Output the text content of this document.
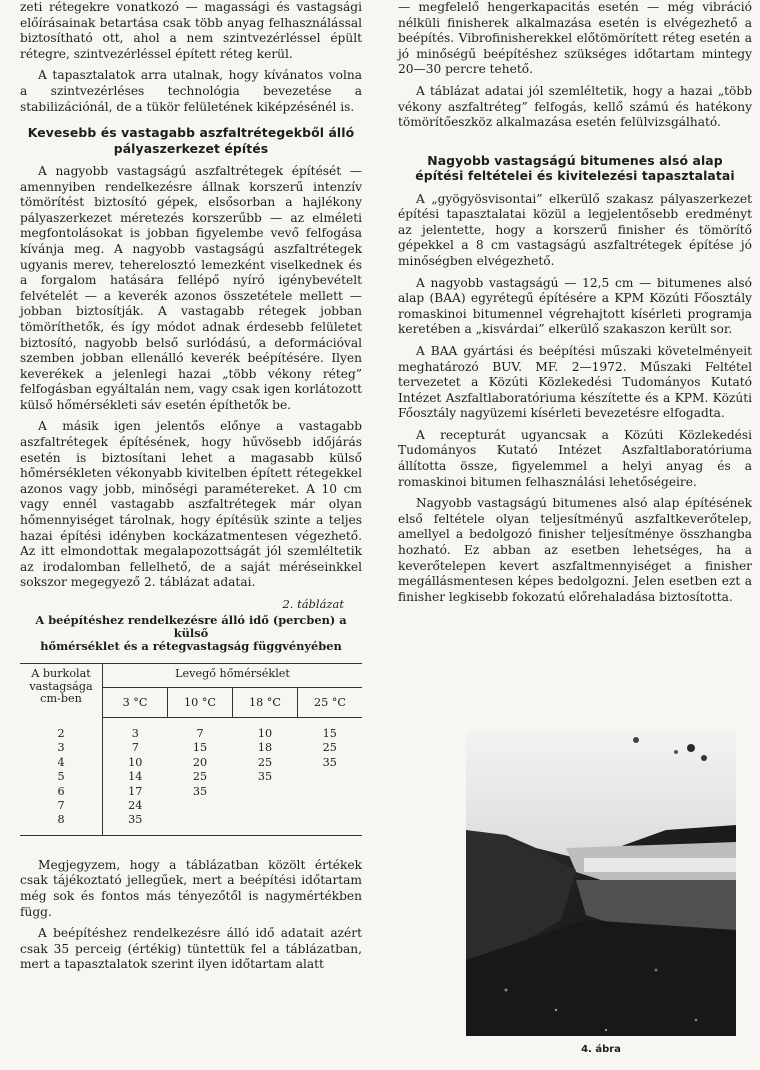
zeti rétegekre vonatkozó — magassági és vastagsági előírásainak betartása csak több anyag felhasználással biztosítható ott, ahol a nem szintvezérléssel épült rétegre, szintvezérléssel épített réteg kerül.

A tapasztalatok arra utalnak, hogy kívánatos volna a szintvezérléses technológia bevezetése a stabilizációnál, de a tükör felületének kiképzésénél is.

Kevesebb és vastagabb aszfaltrétegekből álló
pályaszerkezet építés

A nagyobb vastagságú aszfaltrétegek építését — amennyiben rendelkezésre állnak korszerű intenzív tömörítést biztosító gépek, elsősorban a hajlékony pályaszerkezet méretezés korszerűbb — az elméleti megfontolásokat is jobban figyelembe vevő felfogása kívánja meg. A nagyobb vastagságú aszfaltrétegek ugyanis merev, teherelosztó lemezként viselkednek és a forgalom hatására fellépő nyíró igénybevételt felvételét — a keverék azonos összetétele mellett — jobban biztosítják. A vastagabb rétegek jobban tömöríthetők, és így módot adnak érdesebb felületet biztosító, nagyobb belső surlódású, a deformációval szemben jobban ellenálló keverék beépítésére. Ilyen keverékek a jelenlegi hazai „több vékony réteg” felfogásban egyáltalán nem, vagy csak igen korlátozott külső hőmérsékleti sáv esetén építhetők be.

A másik igen jelentős előnye a vastagabb aszfaltrétegek építésének, hogy hűvösebb időjárás esetén is biztosítani lehet a magasabb külső hőmérsékleten vékonyabb kivitelben épített rétegekkel azonos vagy jobb, minőségi paramétereket. A 10 cm vagy ennél vastagabb aszfaltrétegek már olyan hőmennyiséget tárolnak, hogy építésük szinte a teljes hazai építési idényben kockázatmentesen végezhető. Az itt elmondottak megalapozottságát jól szemléltetik az irodalomban fellelhető, de a saját méréseinkkel sokszor megegyező 2. táblázat adatai.

2. táblázat
A beépítéshez rendelkezésre álló idő (percben) a külső
hőmérséklet és a rétegvastagság függvényében
A burkolat vastagsága cm-ben	Levegő hőmérséklet			
	3 °C	10 °C	18 °C	25 °C
2	3	7	10	15
3	7	15	18	25
4	10	20	25	35
5	14	25	35	
6	17	35		
7	24			
8	35			

Megjegyzem, hogy a táblázatban közölt értékek csak tájékoztató jellegűek, mert a beépítési időtartam még sok és fontos más tényezőtől is nagymértékben függ.

A beépítéshez rendelkezésre álló idő adatait azért csak 35 perceig (értékig) tüntettük fel a táblázatban, mert a tapasztalatok szerint ilyen időtartam alatt

— megfelelő hengerkapacitás esetén — még vibráció nélküli finisherek alkalmazása esetén is elvégezhető a beépítés. Vibrofinisherekkel előtömörített réteg esetén a jó minőségű beépítéshez szükséges időtartam mintegy 20—30 percre tehető.

A táblázat adatai jól szemléltetik, hogy a hazai „több vékony aszfaltréteg” felfogás, kellő számú és hatékony tömörítőeszköz alkalmazása esetén felülvizsgálható.

Nagyobb vastagságú bitumenes alsó alap
építési feltételei és kivitelezési tapasztalatai

A „gyögyösvisontai” elkerülő szakasz pályaszerkezet építési tapasztalatai közül a legjelentősebb eredményt az jelentette, hogy a korszerű finisher és tömörítő gépekkel a 8 cm vastagságú aszfaltrétegek építése jó minőségben elvégezhető.

A nagyobb vastagságú — 12,5 cm — bitumenes alsó alap (BAA) egyrétegű építésére a KPM Közúti Főosztály romaskinoi bitumennel végrehajtott kísérleti programja keretében a „kisvárdai” elkerülő szakaszon került sor.

A BAA gyártási és beépítési műszaki követelményeit meghatározó BUV. MF. 2—1972. Műszaki Feltétel tervezetet a Közúti Közlekedési Tudományos Kutató Intézet Aszfaltlaboratóriuma készítette és a KPM. Közúti Főosztály nagyüzemi kísérleti bevezetésre elfogadta.

A recepturát ugyancsak a Közúti Közlekedési Tudományos Kutató Intézet Aszfaltlaboratóriuma állította össze, figyelemmel a helyi anyag és a romaskinoi bitumen felhasználási lehetőségeire.

Nagyobb vastagságú bitumenes alsó alap építésének első feltétele olyan teljesítményű aszfaltkeverőtelep, amellyel a bedolgozó finisher teljesítménye összhangba hozható. Ez abban az esetben lehetséges, ha a keverőtelepen kevert aszfaltmennyiséget a finisher megállásmentesen képes bedolgozni. Jelen esetben ezt a finisher legkisebb fokozatú előrehaladása biztosította.

4. ábra
